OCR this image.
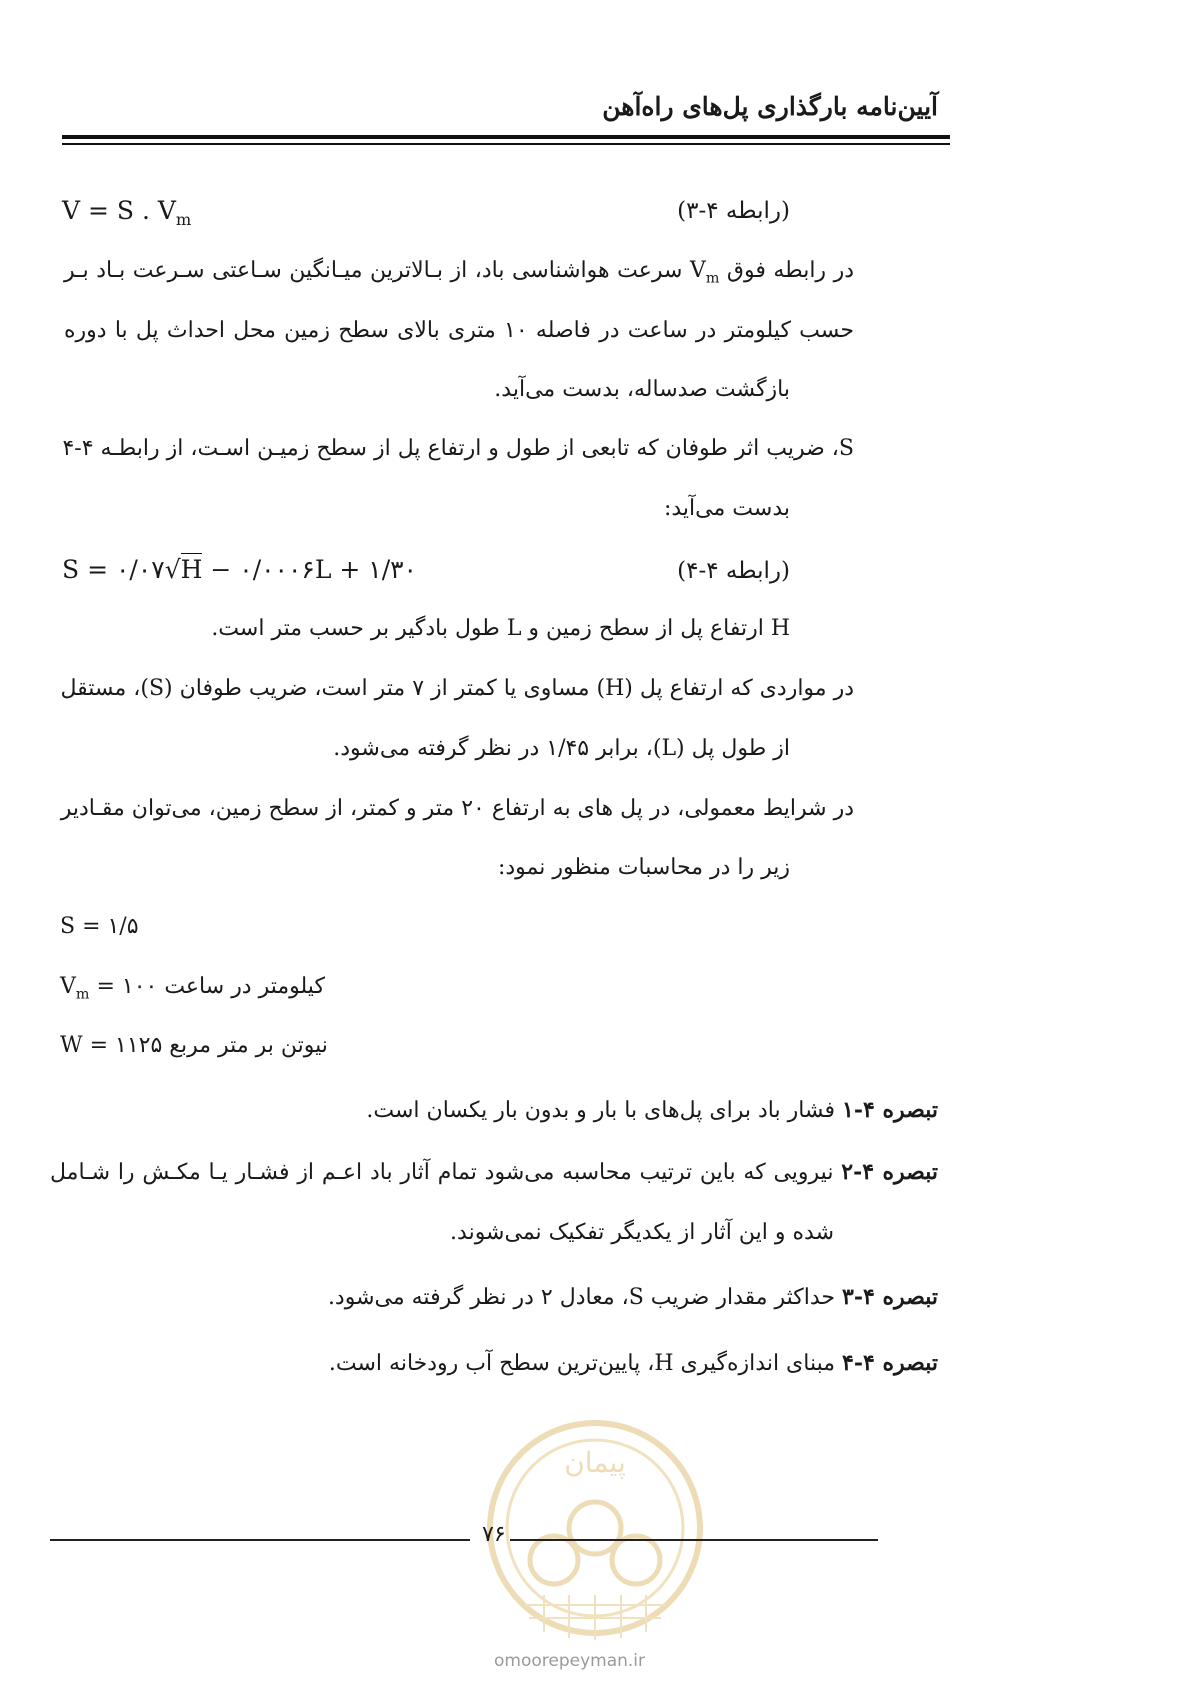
آیین‌نامه بارگذاری پل‌های راه‌آهن
V = S . $V_m$	(رابطه ۴-۳)
در رابطه فوق $V_m$ سرعت هواشناسی باد، از بـالاترین میـانگین سـاعتی سـرعت بـاد بـر
حسب کیلومتر در ساعت در فاصله ۱۰ متری بالای سطح زمین محل احداث پل با دوره
بازگشت صدساله، بدست می‌آید.
S، ضریب اثر طوفان که تابعی از طول و ارتفاع پل از سطح زمیـن اسـت، از رابطـه ۴-۴
بدست می‌آید:
S = ۰/۰۷√H − ۰/۰۰۰۶L + ۱/۳۰	(رابطه ۴-۴)
H ارتفاع پل از سطح زمین و L طول بادگیر بر حسب متر است.
در مواردی که ارتفاع پل (H) مساوی یا کمتر از ۷ متر است، ضریب طوفان (S)، مستقل
از طول پل (L)، برابر ۱/۴۵ در نظر گرفته می‌شود.
در شرایط معمولی، در پل های به ارتفاع ۲۰ متر و کمتر، از سطح زمین، می‌توان مقـادیر
زیر را در محاسبات منظور نمود:
S = ۱/۵
$V_m$ = ۱۰۰ کیلومتر در ساعت
W = ۱۱۲۵ نیوتن بر متر مربع
تبصره ۴-۱ فشار باد برای پل‌های با بار و بدون بار یکسان است.
تبصره ۴-۲ نیرویی که باین ترتیب محاسبه می‌شود تمام آثار باد اعـم از فشـار یـا مکـش را شـامل
شده و این آثار از یکدیگر تفکیک نمی‌شوند.
تبصره ۴-۳ حداکثر مقدار ضریب S، معادل ۲ در نظر گرفته می‌شود.
تبصره ۴-۴ مبنای اندازه‌گیری H، پایین‌ترین سطح آب رودخانه است.
پیمان
۷۶
omoorepeyman.ir
